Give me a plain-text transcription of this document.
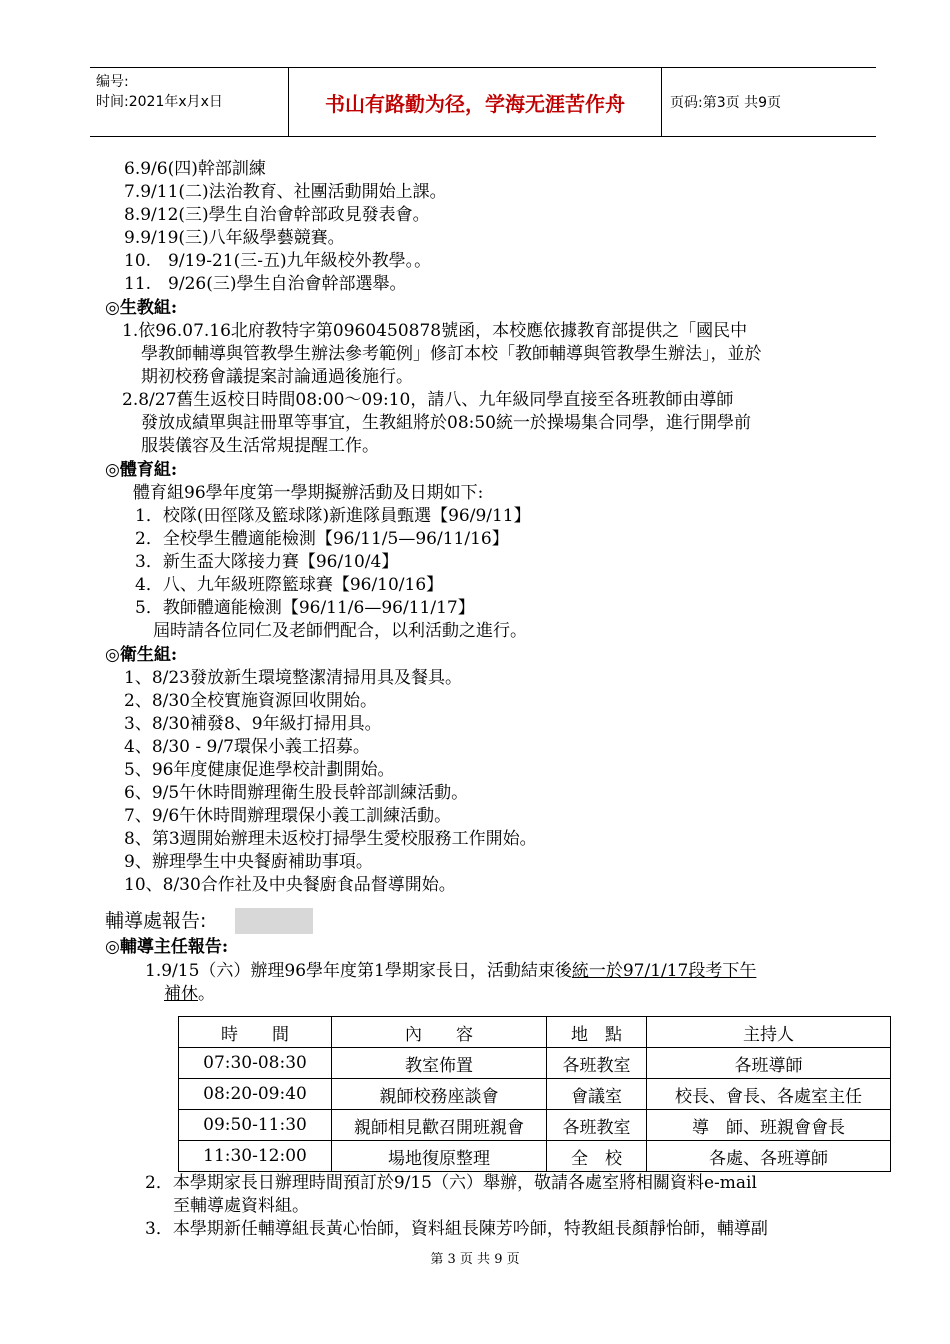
编号:
时间:2021年x月x日	书山有路勤为径，学海无涯苦作舟	页码:第3页 共9页
6.9/6(四)幹部訓練
7.9/11(二)法治教育、社團活動開始上課。
8.9/12(三)學生自治會幹部政見發表會。
9.9/19(三)八年級學藝競賽。
10.　9/19-21(三-五)九年級校外教學。。
11.　9/26(三)學生自治會幹部選舉。
◎生教組:
1.依96.07.16北府教特字第0960450878號函，本校應依據教育部提供之「國民中
學教師輔導與管教學生辦法參考範例」修訂本校「教師輔導與管教學生辦法」，並於
期初校務會議提案討論通過後施行。
2.8/27舊生返校日時間08:00～09:10，請八、九年級同學直接至各班教師由導師
發放成績單與註冊單等事宜，生教組將於08:50統一於操場集合同學，進行開學前
服裝儀容及生活常規提醒工作。
◎體育組:
體育組96學年度第一學期擬辦活動及日期如下:
1．校隊(田徑隊及籃球隊)新進隊員甄選【96/9/11】
2．全校學生體適能檢測【96/11/5—96/11/16】
3．新生盃大隊接力賽【96/10/4】
4．八、九年級班際籃球賽【96/10/16】
5．教師體適能檢測【96/11/6—96/11/17】
屆時請各位同仁及老師們配合，以利活動之進行。
◎衛生組:
1、8/23發放新生環境整潔清掃用具及餐具。
2、8/30全校實施資源回收開始。
3、8/30補發8、9年級打掃用具。
4、8/30 - 9/7環保小義工招募。
5、96年度健康促進學校計劃開始。
6、9/5午休時間辦理衛生股長幹部訓練活動。
7、9/6午休時間辦理環保小義工訓練活動。
8、第3週開始辦理未返校打掃學生愛校服務工作開始。
9、辦理學生中央餐廚補助事項。
10、8/30合作社及中央餐廚食品督導開始。
輔導處報告:
◎輔導主任報告:
1.9/15（六）辦理96學年度第1學期家長日，活動結束後統一於97/1/17段考下午
補休。
時　　間	內　　容	地　點	主持人
07:30-08:30	教室佈置	各班教室	各班導師
08:20-09:40	親師校務座談會	會議室	校長、會長、各處室主任
09:50-11:30	親師相見歡召開班親會	各班教室	導　師、班親會會長
11:30-12:00	場地復原整理	全　校	各處、各班導師
2．本學期家長日辦理時間預訂於9/15（六）舉辦，敬請各處室將相關資料e-mail
至輔導處資料組。
3．本學期新任輔導組長黃心怡師，資料組長陳芳吟師，特教組長顏靜怡師，輔導副
第 3 页 共 9 页
